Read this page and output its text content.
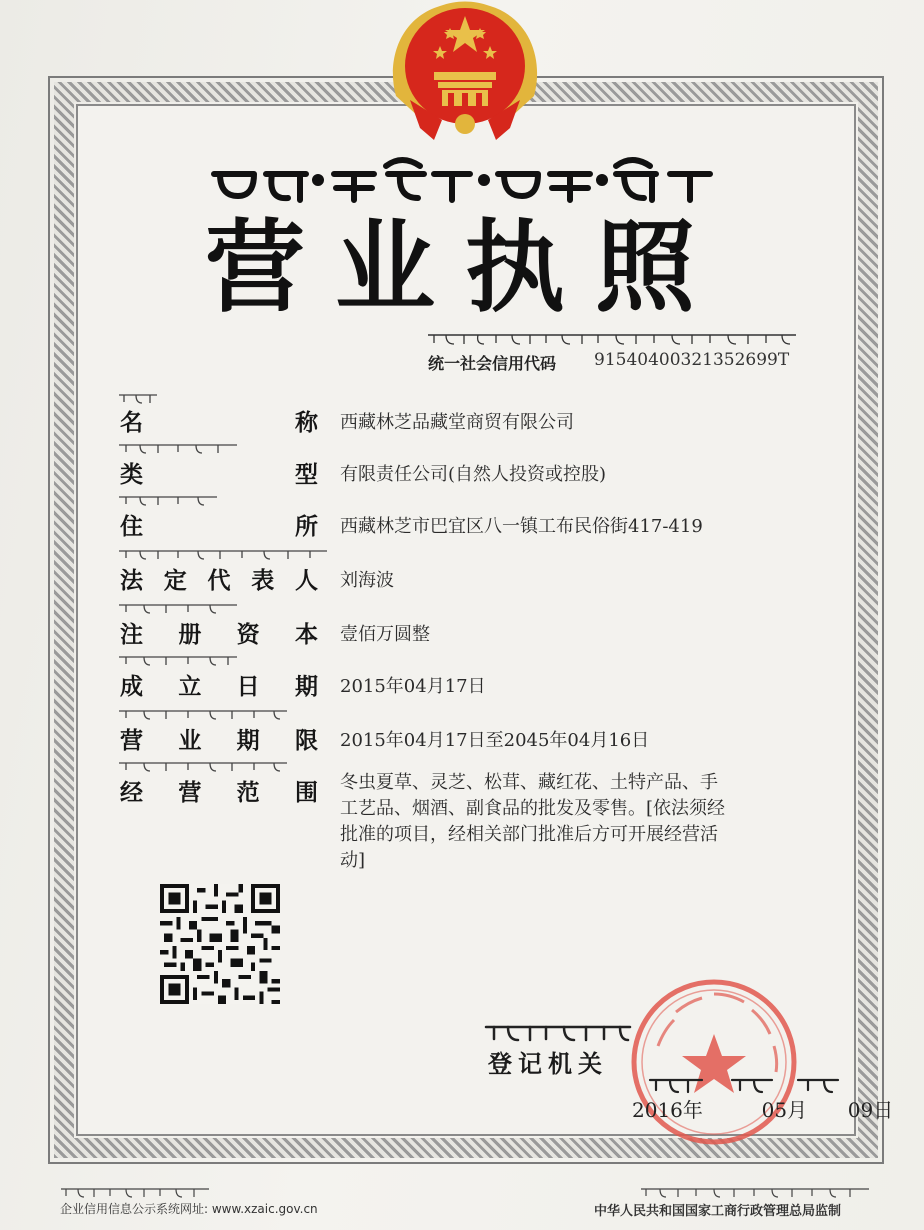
营业执照
统一社会信用代码 91540400321352699T
名	称 西藏林芝品藏堂商贸有限公司
类	型 有限责任公司(自然人投资或控股)
住	所 西藏林芝市巴宜区八一镇工布民俗街417-419
法 定 代 表 人 刘海波
注 册 资 本 壹佰万圆整
成 立 日 期 2015年04月17日
营 业 期 限 2015年04月17日至2045年04月16日
经 营 范 围 冬虫夏草、灵芝、松茸、藏红花、土特产品、手
工艺品、烟酒、副食品的批发及零售。[依法须经
批准的项目，经相关部门批准后方可开展经营活
动]
登记机关
2016年	05月 09日
企业信用信息公示系统网址: www.xzaic.gov.cn	中华人民共和国国家工商行政管理总局监制
